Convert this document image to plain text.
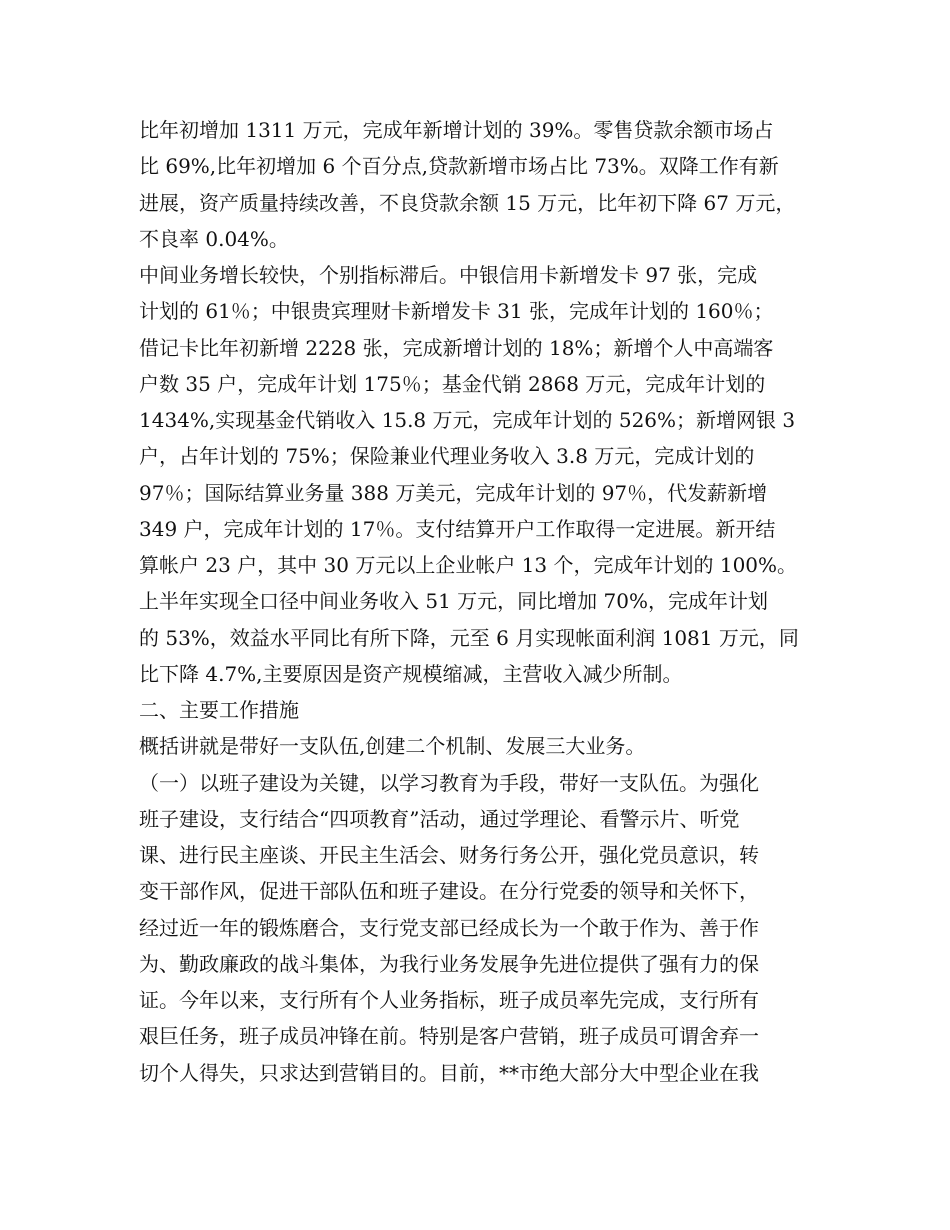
比年初增加 1311 万元，完成年新增计划的 39%。零售贷款余额市场占
比 69%,比年初增加 6 个百分点,贷款新增市场占比 73%。双降工作有新
进展，资产质量持续改善，不良贷款余额 15 万元，比年初下降 67 万元，
不良率 0.04%。
中间业务增长较快，个别指标滞后。中银信用卡新增发卡 97 张，完成
计划的 61％；中银贵宾理财卡新增发卡 31 张，完成年计划的 160％；
借记卡比年初新增 2228 张，完成新增计划的 18%；新增个人中高端客
户数 35 户，完成年计划 175％；基金代销 2868 万元，完成年计划的
1434%,实现基金代销收入 15.8 万元，完成年计划的 526%；新增网银 3
户，占年计划的 75%；保险兼业代理业务收入 3.8 万元，完成计划的
97％；国际结算业务量 388 万美元，完成年计划的 97％，代发薪新增
349 户，完成年计划的 17％。支付结算开户工作取得一定进展。新开结
算帐户 23 户，其中 30 万元以上企业帐户 13 个，完成年计划的 100%。
上半年实现全口径中间业务收入 51 万元，同比增加 70%，完成年计划
的 53%，效益水平同比有所下降，元至 6 月实现帐面利润 1081 万元，同
比下降 4.7%,主要原因是资产规模缩减，主营收入减少所制。
二、主要工作措施
概括讲就是带好一支队伍,创建二个机制、发展三大业务。
（一）以班子建设为关键，以学习教育为手段，带好一支队伍。为强化
班子建设，支行结合“四项教育”活动，通过学理论、看警示片、听党
课、进行民主座谈、开民主生活会、财务行务公开，强化党员意识，转
变干部作风，促进干部队伍和班子建设。在分行党委的领导和关怀下，
经过近一年的锻炼磨合，支行党支部已经成长为一个敢于作为、善于作
为、勤政廉政的战斗集体，为我行业务发展争先进位提供了强有力的保
证。今年以来，支行所有个人业务指标，班子成员率先完成，支行所有
艰巨任务，班子成员冲锋在前。特别是客户营销，班子成员可谓舍弃一
切个人得失，只求达到营销目的。目前，**市绝大部分大中型企业在我
